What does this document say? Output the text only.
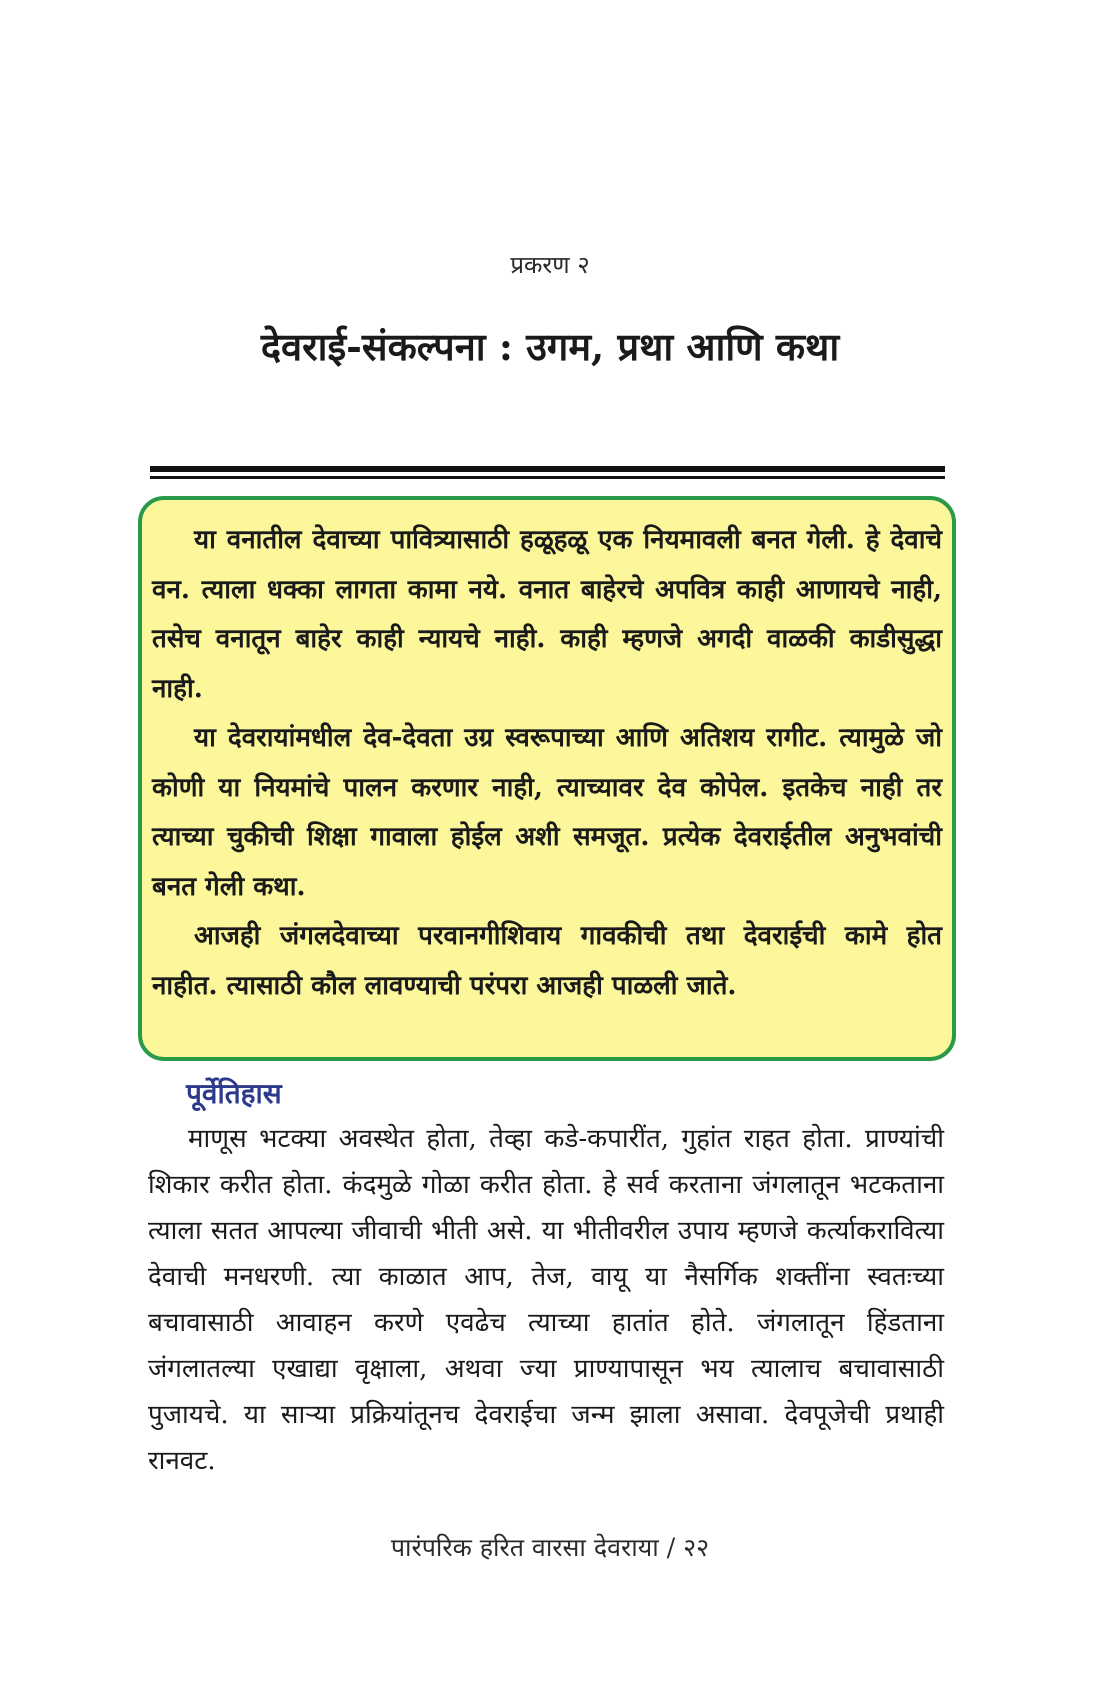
प्रकरण २
देवराई-संकल्पना : उगम, प्रथा आणि कथा

या वनातील देवाच्या पावित्र्यासाठी हळूहळू एक नियमावली बनत गेली. हे देवाचे वन. त्याला धक्का लागता कामा नये. वनात बाहेरचे अपवित्र काही आणायचे नाही, तसेच वनातून बाहेर काही न्यायचे नाही. काही म्हणजे अगदी वाळकी काडीसुद्धा नाही.

या देवरायांमधील देव-देवता उग्र स्वरूपाच्या आणि अतिशय रागीट. त्यामुळे जो कोणी या नियमांचे पालन करणार नाही, त्याच्यावर देव कोपेल. इतकेच नाही तर त्याच्या चुकीची शिक्षा गावाला होईल अशी समजूत. प्रत्येक देवराईतील अनुभवांची बनत गेली कथा.

आजही जंगलदेवाच्या परवानगीशिवाय गावकीची तथा देवराईची कामे होत नाहीत. त्यासाठी कौल लावण्याची परंपरा आजही पाळली जाते.

पूर्वेतिहास

माणूस भटक्या अवस्थेत होता, तेव्हा कडे-कपारींत, गुहांत राहत होता. प्राण्यांची शिकार करीत होता. कंदमुळे गोळा करीत होता. हे सर्व करताना जंगलातून भटकताना त्याला सतत आपल्या जीवाची भीती असे. या भीतीवरील उपाय म्हणजे कर्त्याकरावित्या देवाची मनधरणी. त्या काळात आप, तेज, वायू या नैसर्गिक शक्तींना स्वतःच्या बचावासाठी आवाहन करणे एवढेच त्याच्या हातांत होते. जंगलातून हिंडताना जंगलातल्या एखाद्या वृक्षाला, अथवा ज्या प्राण्यापासून भय त्यालाच बचावासाठी पुजायचे. या साऱ्या प्रक्रियांतूनच देवराईचा जन्म झाला असावा. देवपूजेची प्रथाही रानवट.

पारंपरिक हरित वारसा देवराया / २२
